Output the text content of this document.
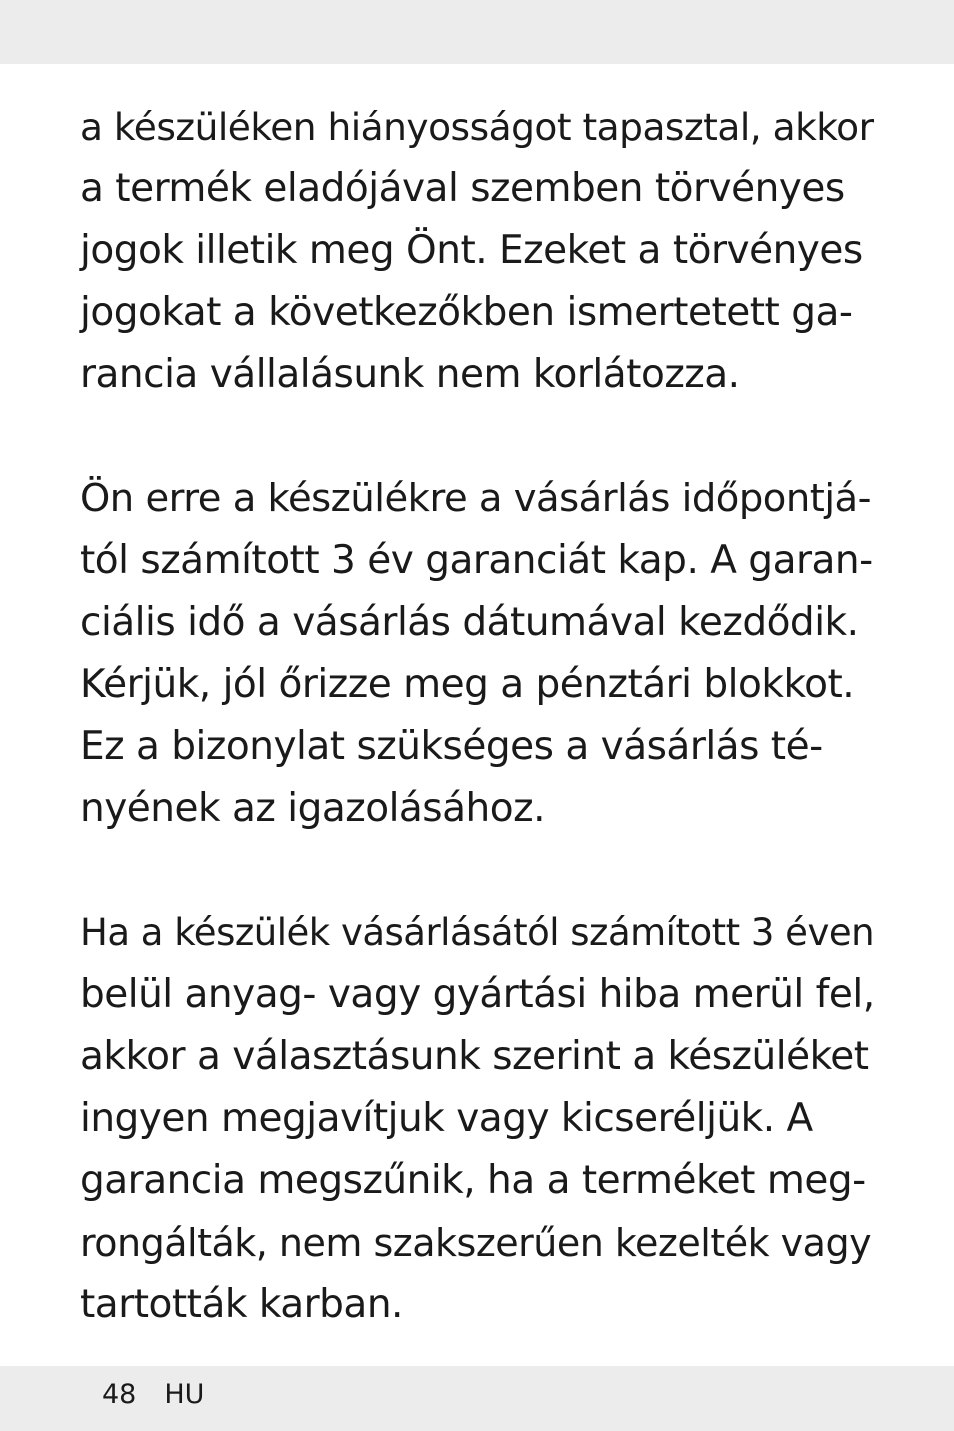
a készüléken hiányosságot tapasztal, akkor
a termék eladójával szemben törvényes
jogok illetik meg Önt. Ezeket a törvényes
jogokat a következőkben ismertetett ga-
rancia vállalásunk nem korlátozza.

Ön erre a készülékre a vásárlás időpontjá-
tól számított 3 év garanciát kap. A garan-
ciális idő a vásárlás dátumával kezdődik.
Kérjük, jól őrizze meg a pénztári blokkot.
Ez a bizonylat szükséges a vásárlás té-
nyének az igazolásához.

Ha a készülék vásárlásától számított 3 éven
belül anyag- vagy gyártási hiba merül fel,
akkor a választásunk szerint a készüléket
ingyen megjavítjuk vagy kicseréljük. A
garancia megszűnik, ha a terméket meg-
rongálták, nem szakszerűen kezelték vagy
tartották karban.

48 HU
